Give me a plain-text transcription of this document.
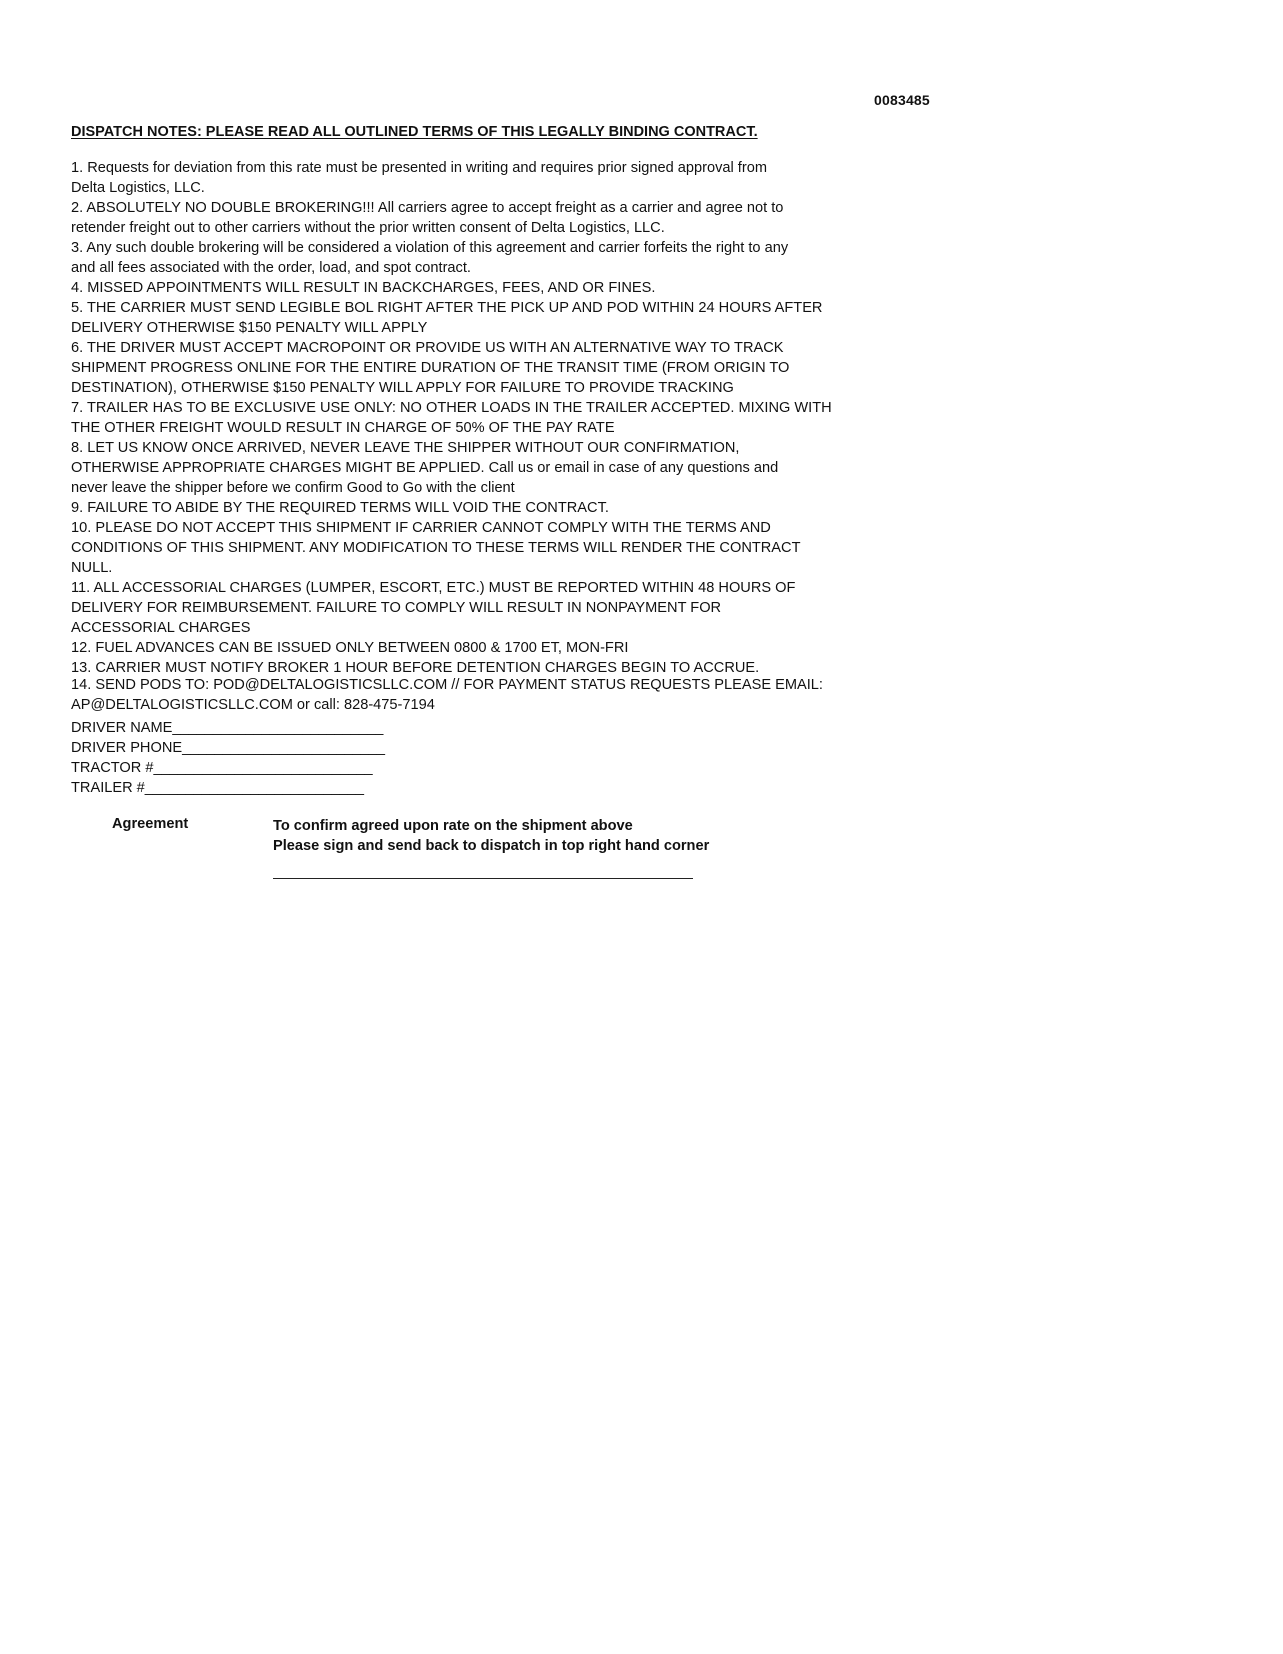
0083485
DISPATCH NOTES: PLEASE READ ALL OUTLINED TERMS OF THIS LEGALLY BINDING CONTRACT.
1. Requests for deviation from this rate must be presented in writing and requires prior signed approval from
Delta Logistics, LLC.
2. ABSOLUTELY NO DOUBLE BROKERING!!! All carriers agree to accept freight as a carrier and agree not to
retender freight out to other carriers without the prior written consent of Delta Logistics, LLC.
3. Any such double brokering will be considered a violation of this agreement and carrier forfeits the right to any
and all fees associated with the order, load, and spot contract.
4. MISSED APPOINTMENTS WILL RESULT IN BACKCHARGES, FEES, AND OR FINES.
5. THE CARRIER MUST SEND LEGIBLE BOL RIGHT AFTER THE PICK UP AND POD WITHIN 24 HOURS AFTER
DELIVERY OTHERWISE $150 PENALTY WILL APPLY
6. THE DRIVER MUST ACCEPT MACROPOINT OR PROVIDE US WITH AN ALTERNATIVE WAY TO TRACK
SHIPMENT PROGRESS ONLINE FOR THE ENTIRE DURATION OF THE TRANSIT TIME (FROM ORIGIN TO
DESTINATION), OTHERWISE $150 PENALTY WILL APPLY FOR FAILURE TO PROVIDE TRACKING
7. TRAILER HAS TO BE EXCLUSIVE USE ONLY: NO OTHER LOADS IN THE TRAILER ACCEPTED. MIXING WITH
THE OTHER FREIGHT WOULD RESULT IN CHARGE OF 50% OF THE PAY RATE
8. LET US KNOW ONCE ARRIVED, NEVER LEAVE THE SHIPPER WITHOUT OUR CONFIRMATION,
OTHERWISE APPROPRIATE CHARGES MIGHT BE APPLIED. Call us or email in case of any questions and
never leave the shipper before we confirm Good to Go with the client
9. FAILURE TO ABIDE BY THE REQUIRED TERMS WILL VOID THE CONTRACT.
10. PLEASE DO NOT ACCEPT THIS SHIPMENT IF CARRIER CANNOT COMPLY WITH THE TERMS AND
CONDITIONS OF THIS SHIPMENT. ANY MODIFICATION TO THESE TERMS WILL RENDER THE CONTRACT
NULL.
11. ALL ACCESSORIAL CHARGES (LUMPER, ESCORT, ETC.) MUST BE REPORTED WITHIN 48 HOURS OF
DELIVERY FOR REIMBURSEMENT. FAILURE TO COMPLY WILL RESULT IN NONPAYMENT FOR
ACCESSORIAL CHARGES
12. FUEL ADVANCES CAN BE ISSUED ONLY BETWEEN 0800 & 1700 ET, MON-FRI
13. CARRIER MUST NOTIFY BROKER 1 HOUR BEFORE DETENTION CHARGES BEGIN TO ACCRUE.
14. SEND PODS TO: POD@DELTALOGISTICSLLC.COM // FOR PAYMENT STATUS REQUESTS PLEASE EMAIL:
AP@DELTALOGISTICSLLC.COM or call: 828-475-7194
DRIVER NAME__________________________
DRIVER PHONE_________________________
TRACTOR #___________________________
TRAILER #___________________________
Agreement	To confirm agreed upon rate on the shipment above
Please sign and send back to dispatch in top right hand corner
